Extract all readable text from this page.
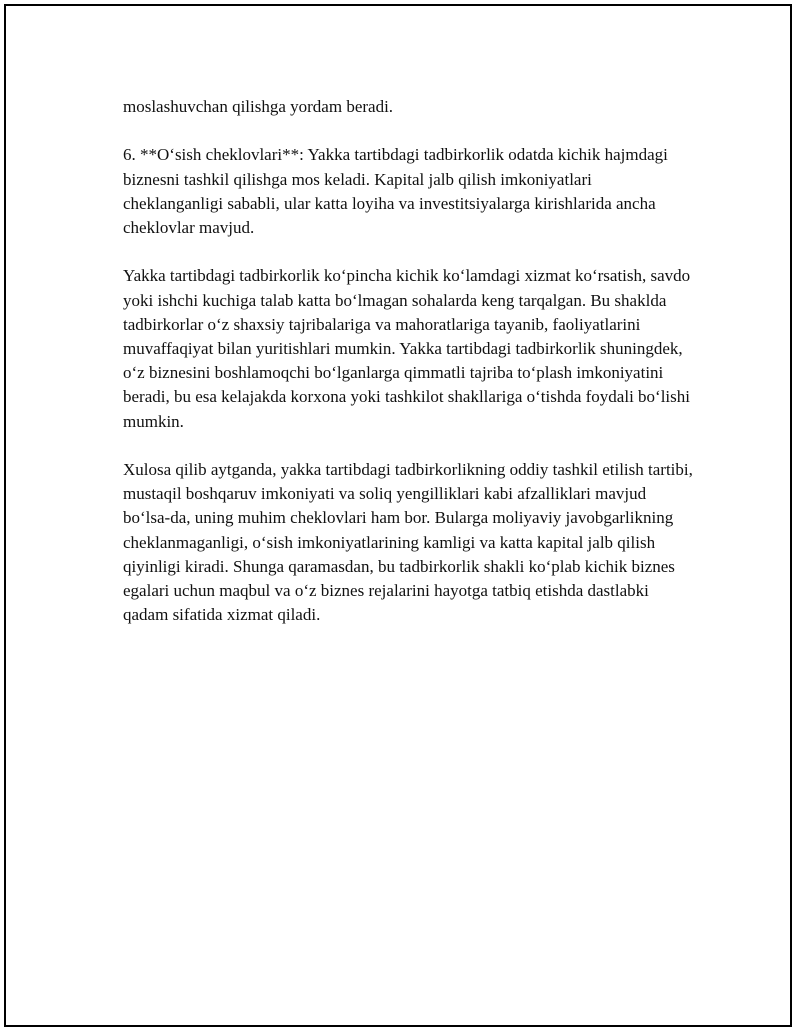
moslashuvchan qilishga yordam beradi.

6. **O‘sish cheklovlari**: Yakka tartibdagi tadbirkorlik odatda kichik hajmdagi biznesni tashkil qilishga mos keladi. Kapital jalb qilish imkoniyatlari cheklanganligi sababli, ular katta loyiha va investitsiyalarga kirishlarida ancha cheklovlar mavjud.

Yakka tartibdagi tadbirkorlik ko‘pincha kichik ko‘lamdagi xizmat ko‘rsatish, savdo yoki ishchi kuchiga talab katta bo‘lmagan sohalarda keng tarqalgan. Bu shaklda tadbirkorlar o‘z shaxsiy tajribalariga va mahoratlariga tayanib, faoliyatlarini muvaffaqiyat bilan yuritishlari mumkin. Yakka tartibdagi tadbirkorlik shuningdek, o‘z biznesini boshlamoqchi bo‘lganlarga qimmatli tajriba to‘plash imkoniyatini beradi, bu esa kelajakda korxona yoki tashkilot shakllariga o‘tishda foydali bo‘lishi mumkin.

Xulosa qilib aytganda, yakka tartibdagi tadbirkorlikning oddiy tashkil etilish tartibi, mustaqil boshqaruv imkoniyati va soliq yengilliklari kabi afzalliklari mavjud bo‘lsa-da, uning muhim cheklovlari ham bor. Bularga moliyaviy javobgarlikning cheklanmaganligi, o‘sish imkoniyatlarining kamligi va katta kapital jalb qilish qiyinligi kiradi. Shunga qaramasdan, bu tadbirkorlik shakli ko‘plab kichik biznes egalari uchun maqbul va o‘z biznes rejalarini hayotga tatbiq etishda dastlabki qadam sifatida xizmat qiladi.
